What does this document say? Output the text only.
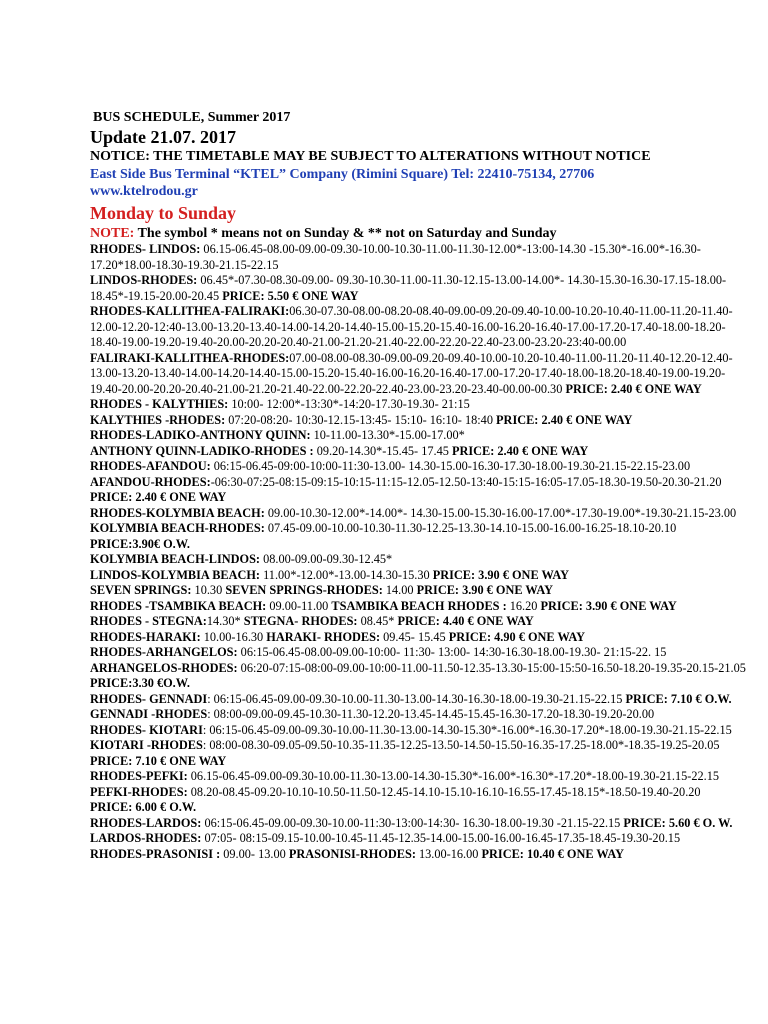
BUS SCHEDULE, Summer 2017
Update 21.07. 2017
NOTICE: THE TIMETABLE MAY BE SUBJECT TO ALTERATIONS WITHOUT NOTICE
East Side Bus Terminal “KTEL” Company (Rimini Square) Tel: 22410-75134, 27706
www.ktelrodou.gr
Monday to Sunday
NOTE: The symbol * means not on Sunday & ** not on Saturday and Sunday
RHODES- LINDOS: 06.15-06.45-08.00-09.00-09.30-10.00-10.30-11.00-11.30-12.00*-13:00-14.30 -15.30*-16.00*-16.30-17.20*18.00-18.30-19.30-21.15-22.15
LINDOS-RHODES: 06.45*-07.30-08.30-09.00- 09.30-10.30-11.00-11.30-12.15-13.00-14.00*- 14.30-15.30-16.30-17.15-18.00-18.45*-19.15-20.00-20.45 PRICE: 5.50 € ONE WAY
RHODES-KALLITHEA-FALIRAKI:06.30-07.30-08.00-08.20-08.40-09.00-09.20-09.40-10.00-10.20-10.40-11.00-11.20-11.40-12.00-12.20-12:40-13.00-13.20-13.40-14.00-14.20-14.40-15.00-15.20-15.40-16.00-16.20-16.40-17.00-17.20-17.40-18.00-18.20-18.40-19.00-19.20-19.40-20.00-20.20-20.40-21.00-21.20-21.40-22.00-22.20-22.40-23.00-23.20-23:40-00.00
FALIRAKI-KALLITHEA-RHODES:07.00-08.00-08.30-09.00-09.20-09.40-10.00-10.20-10.40-11.00-11.20-11.40-12.20-12.40-13.00-13.20-13.40-14.00-14.20-14.40-15.00-15.20-15.40-16.00-16.20-16.40-17.00-17.20-17.40-18.00-18.20-18.40-19.00-19.20-19.40-20.00-20.20-20.40-21.00-21.20-21.40-22.00-22.20-22.40-23.00-23.20-23.40-00.00-00.30 PRICE: 2.40 € ONE WAY
RHODES - KALYTHIES: 10:00- 12:00*-13:30*-14:20-17.30-19.30- 21:15
KALYTHIES -RHODES: 07:20-08:20- 10:30-12.15-13:45- 15:10- 16:10- 18:40 PRICE: 2.40 € ONE WAY
RHODES-LADIKO-ANTHONY QUINN: 10-11.00-13.30*-15.00-17.00*
ANTHONY QUINN-LADIKO-RHODES : 09.20-14.30*-15.45- 17.45 PRICE: 2.40 € ONE WAY
RHODES-AFANDOU: 06:15-06.45-09:00-10:00-11:30-13.00- 14.30-15.00-16.30-17.30-18.00-19.30-21.15-22.15-23.00
AFANDOU-RHODES:-06:30-07:25-08:15-09:15-10:15-11:15-12.05-12.50-13:40-15:15-16:05-17.05-18.30-19.50-20.30-21.20
PRICE: 2.40 € ONE WAY
RHODES-KOLYMBIA BEACH: 09.00-10.30-12.00*-14.00*- 14.30-15.00-15.30-16.00-17.00*-17.30-19.00*-19.30-21.15-23.00
KOLYMBIA BEACH-RHODES: 07.45-09.00-10.00-10.30-11.30-12.25-13.30-14.10-15.00-16.00-16.25-18.10-20.10
PRICE:3.90€ O.W.
KOLYMBIA BEACH-LINDOS: 08.00-09.00-09.30-12.45*
LINDOS-KOLYMBIA BEACH: 11.00*-12.00*-13.00-14.30-15.30 PRICE: 3.90 € ONE WAY
SEVEN SPRINGS: 10.30 SEVEN SPRINGS-RHODES: 14.00 PRICE: 3.90 € ONE WAY
RHODES -TSAMBIKA BEACH: 09.00-11.00 TSAMBIKA BEACH RHODES : 16.20 PRICE: 3.90 € ONE WAY
RHODES - STEGNA:14.30* STEGNA- RHODES: 08.45* PRICE: 4.40 € ONE WAY
RHODES-HARAKI: 10.00-16.30 HARAKI- RHODES: 09.45- 15.45 PRICE: 4.90 € ONE WAY
RHODES-ARHANGELOS: 06:15-06.45-08.00-09.00-10:00- 11:30- 13:00- 14:30-16.30-18.00-19.30- 21:15-22. 15
ARHANGELOS-RHODES: 06:20-07:15-08:00-09.00-10:00-11.00-11.50-12.35-13.30-15:00-15:50-16.50-18.20-19.35-20.15-21.05
PRICE:3.30 €O.W.
RHODES- GENNADI: 06:15-06.45-09.00-09.30-10.00-11.30-13.00-14.30-16.30-18.00-19.30-21.15-22.15 PRICE: 7.10 € O.W.
GENNADI -RHODES: 08:00-09.00-09.45-10.30-11.30-12.20-13.45-14.45-15.45-16.30-17.20-18.30-19.20-20.00
RHODES- KIOTARI: 06:15-06.45-09.00-09.30-10.00-11.30-13.00-14.30-15.30*-16.00*-16.30-17.20*-18.00-19.30-21.15-22.15
KIOTARI -RHODES: 08:00-08.30-09.05-09.50-10.35-11.35-12.25-13.50-14.50-15.50-16.35-17.25-18.00*-18.35-19.25-20.05
PRICE: 7.10 € ONE WAY
RHODES-PEFKI: 06.15-06.45-09.00-09.30-10.00-11.30-13.00-14.30-15.30*-16.00*-16.30*-17.20*-18.00-19.30-21.15-22.15
PEFKI-RHODES: 08.20-08.45-09.20-10.10-10.50-11.50-12.45-14.10-15.10-16.10-16.55-17.45-18.15*-18.50-19.40-20.20
PRICE: 6.00 € O.W.
RHODES-LARDOS: 06:15-06.45-09.00-09.30-10.00-11:30-13:00-14:30- 16.30-18.00-19.30 -21.15-22.15 PRICE: 5.60 € O. W.
LARDOS-RHODES: 07:05- 08:15-09.15-10.00-10.45-11.45-12.35-14.00-15.00-16.00-16.45-17.35-18.45-19.30-20.15
RHODES-PRASONISI : 09.00- 13.00 PRASONISI-RHODES: 13.00-16.00 PRICE: 10.40 € ONE WAY
